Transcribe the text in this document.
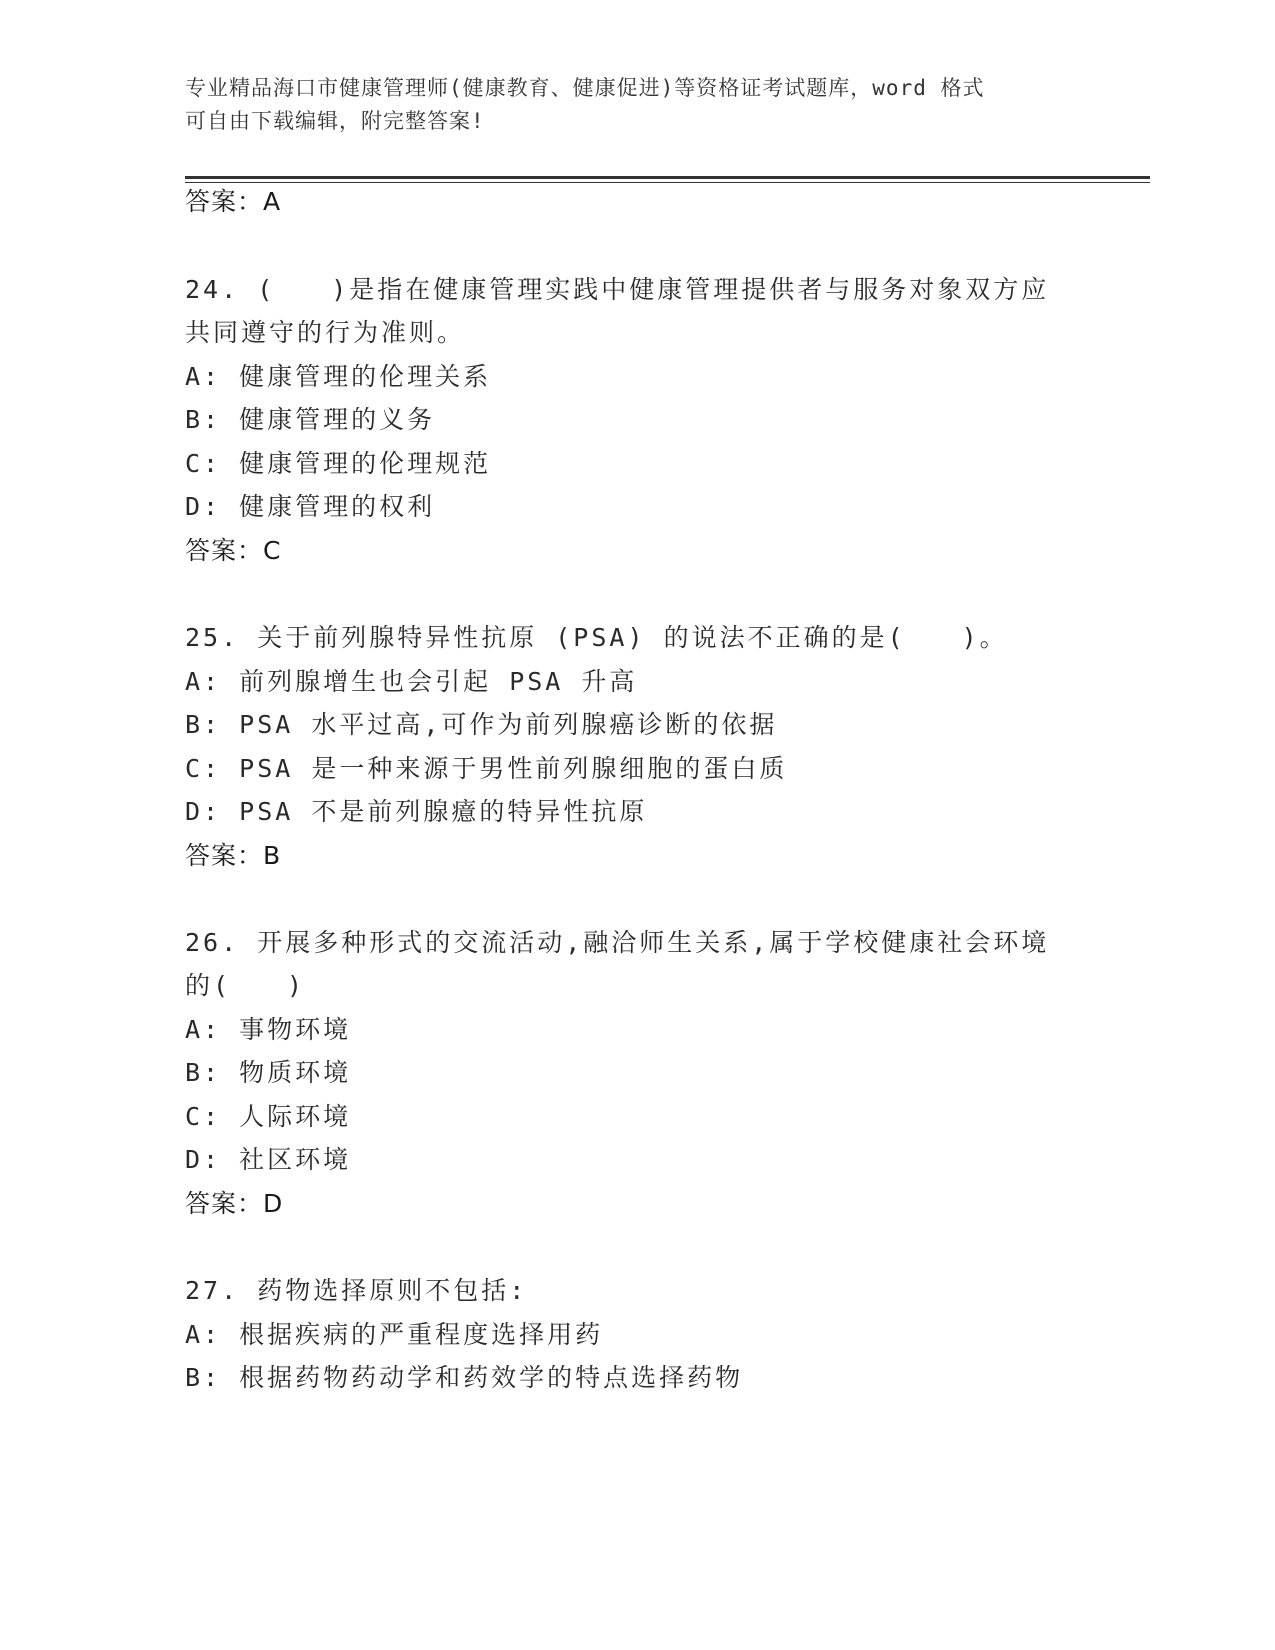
专业精品海口市健康管理师(健康教育、健康促进)等资格证考试题库，word 格式
可自由下载编辑，附完整答案!
答案：A
24. (　　)是指在健康管理实践中健康管理提供者与服务对象双方应
共同遵守的行为准则。
A: 健康管理的伦理关系
B: 健康管理的义务
C: 健康管理的伦理规范
D: 健康管理的权利
答案：C
25. 关于前列腺特异性抗原 (PSA) 的说法不正确的是(　　)。
A: 前列腺增生也会引起 PSA 升高
B: PSA 水平过高,可作为前列腺癌诊断的依据
C: PSA 是一种来源于男性前列腺细胞的蛋白质
D: PSA 不是前列腺癔的特异性抗原
答案：B
26. 开展多种形式的交流活动,融洽师生关系,属于学校健康社会环境
的(　　)
A: 事物环境
B: 物质环境
C: 人际环境
D: 社区环境
答案：D
27. 药物选择原则不包括:
A: 根据疾病的严重程度选择用药
B: 根据药物药动学和药效学的特点选择药物
